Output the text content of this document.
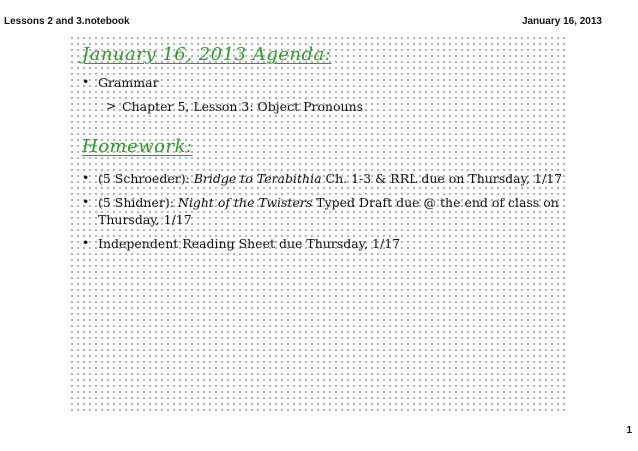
Lessons 2 and 3.notebook	January 16, 2013
January 16, 2013 Agenda:
• Grammar
> Chapter 5, Lesson 3: Object Pronouns
Homework:
• (5 Schroeder): Bridge to Terabithia Ch. 1-3 & RRL due on Thursday, 1/17
• (5 Shidner): Night of the Twisters Typed Draft due @ the end of class on
Thursday, 1/17
• Independent Reading Sheet due Thursday, 1/17
1
